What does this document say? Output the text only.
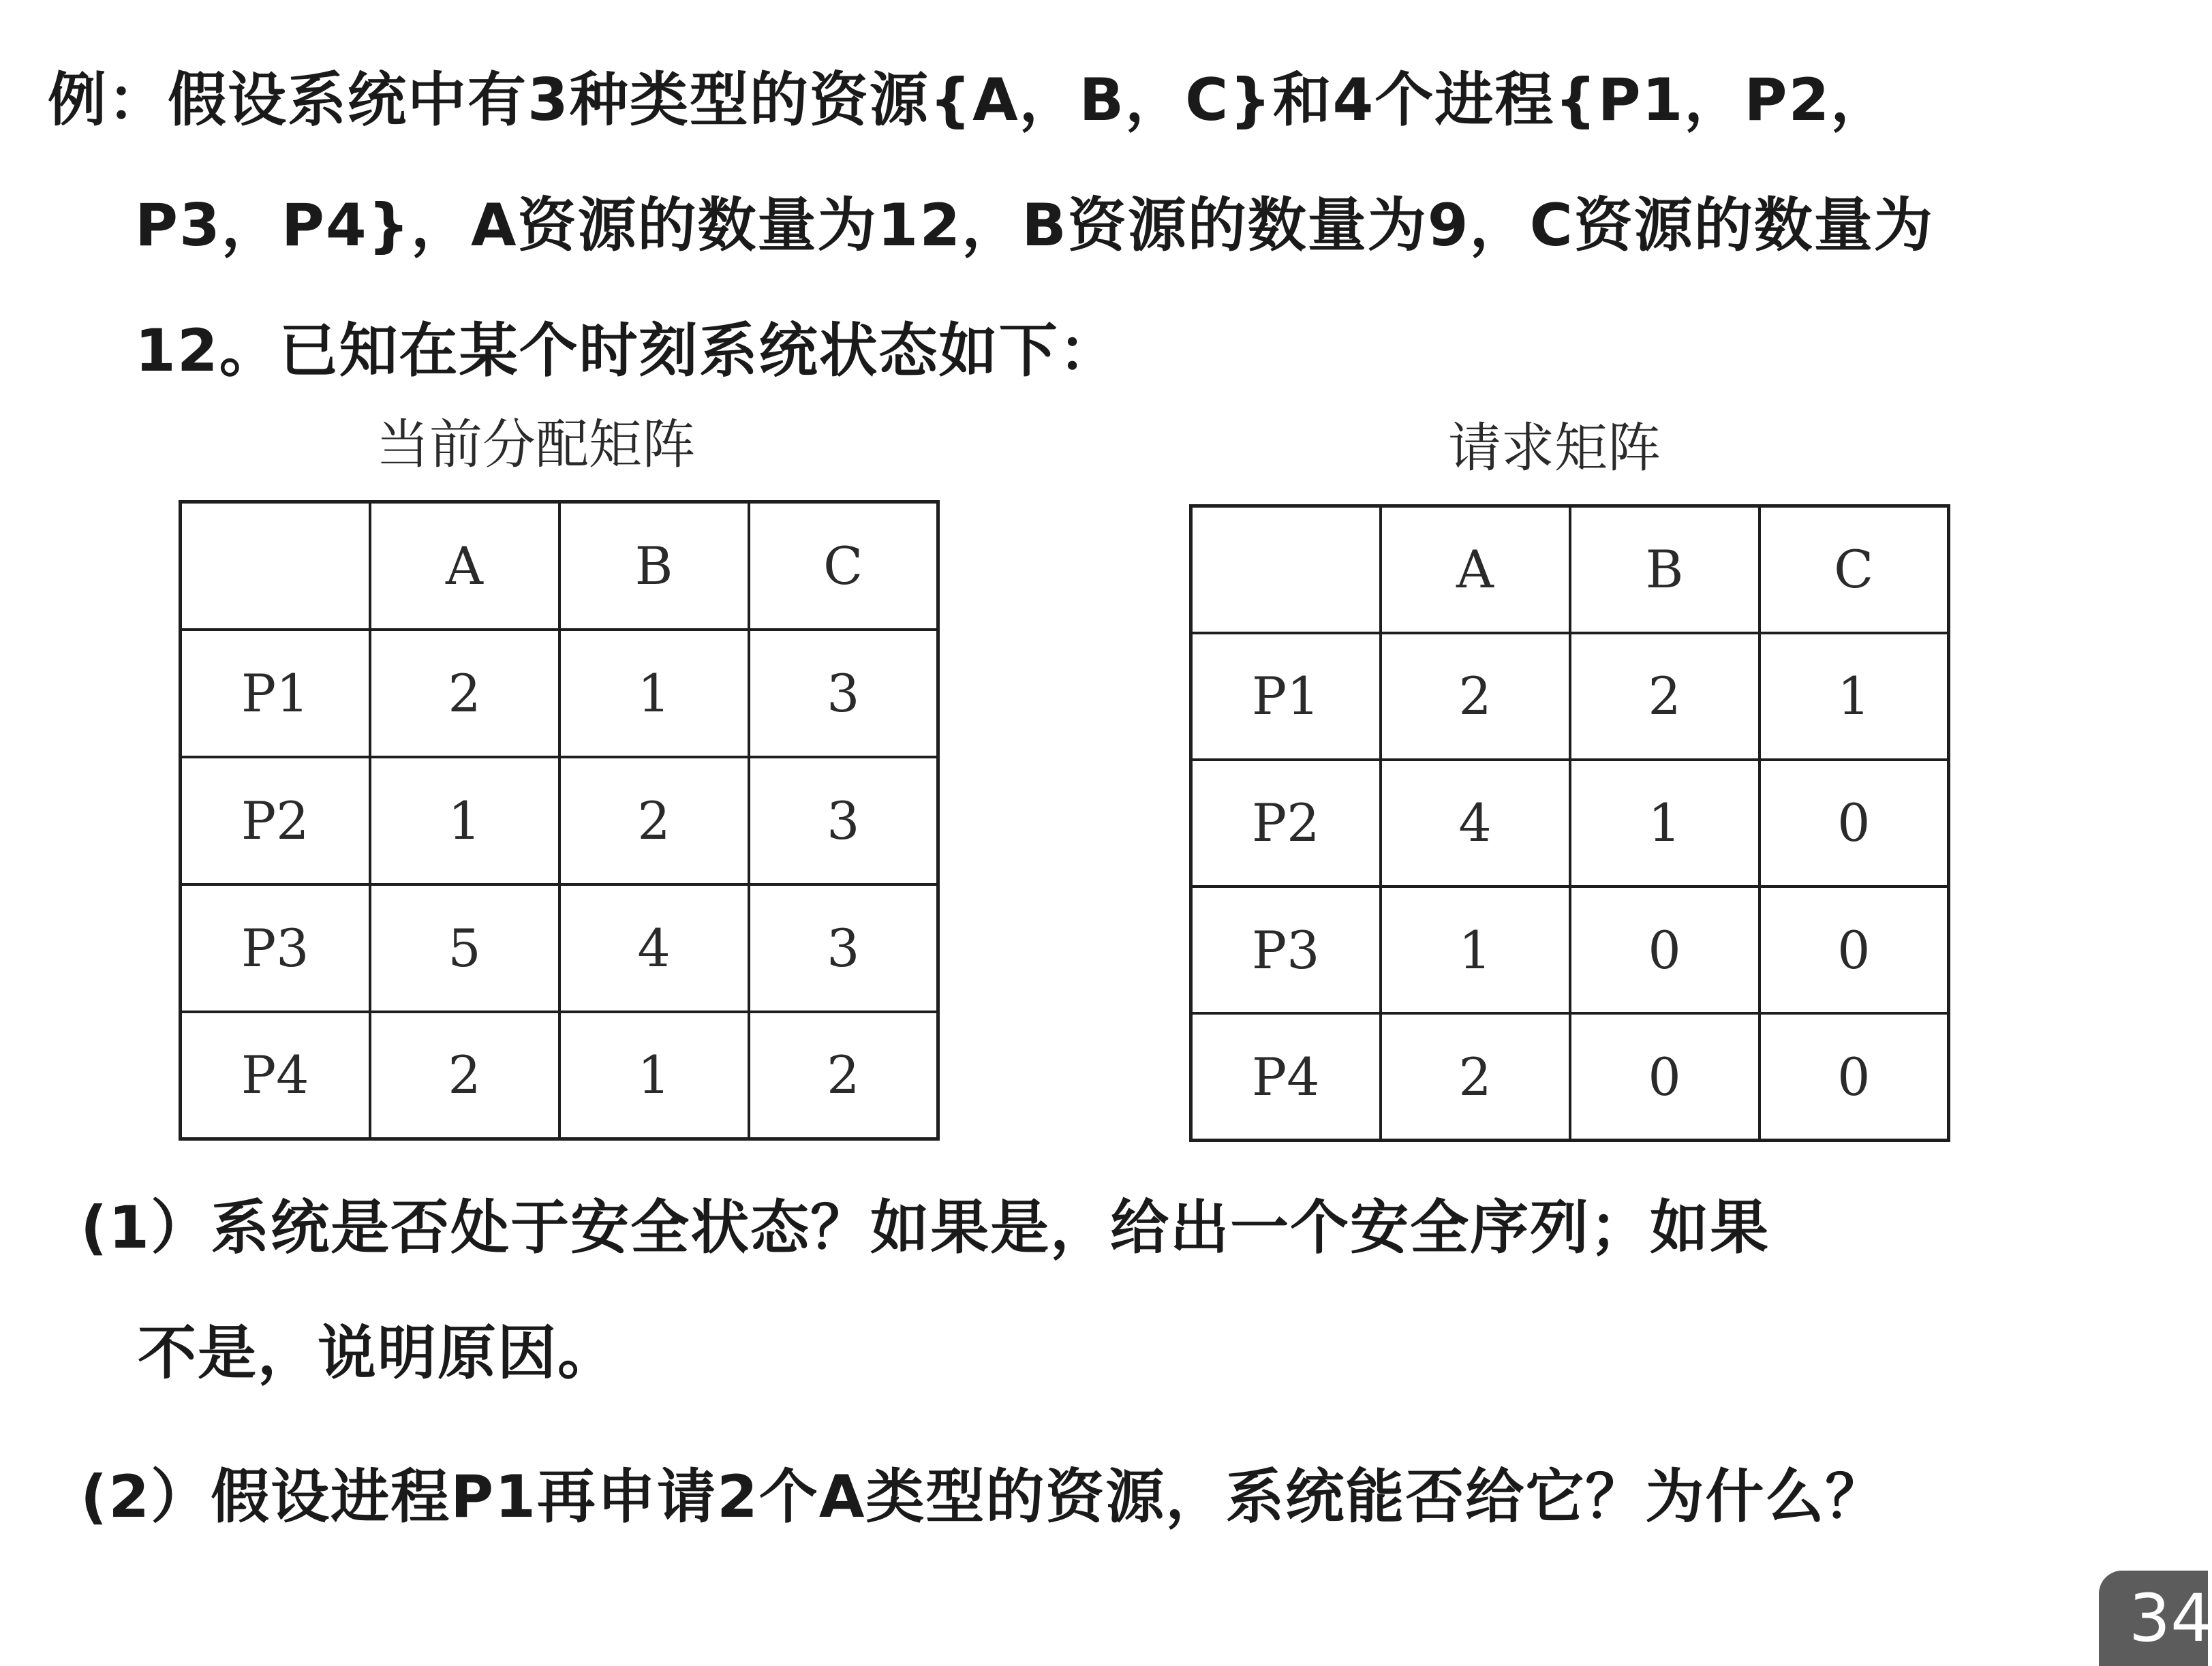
例：假设系统中有3种类型的资源{A，B，C}和4个进程{P1，P2，
P3，P4}，A资源的数量为12，B资源的数量为9，C资源的数量为
12。已知在某个时刻系统状态如下：
当前分配矩阵	请求矩阵
	A	B	C
P1	2	1	3
P2	1	2	3
P3	5	4	3
P4	2	1	2
	A	B	C
P1	2	2	1
P2	4	1	0
P3	1	0	0
P4	2	0	0
(1）系统是否处于安全状态？如果是，给出一个安全序列；如果
不是，说明原因。
(2）假设进程P1再申请2个A类型的资源，系统能否给它？为什么？
34
